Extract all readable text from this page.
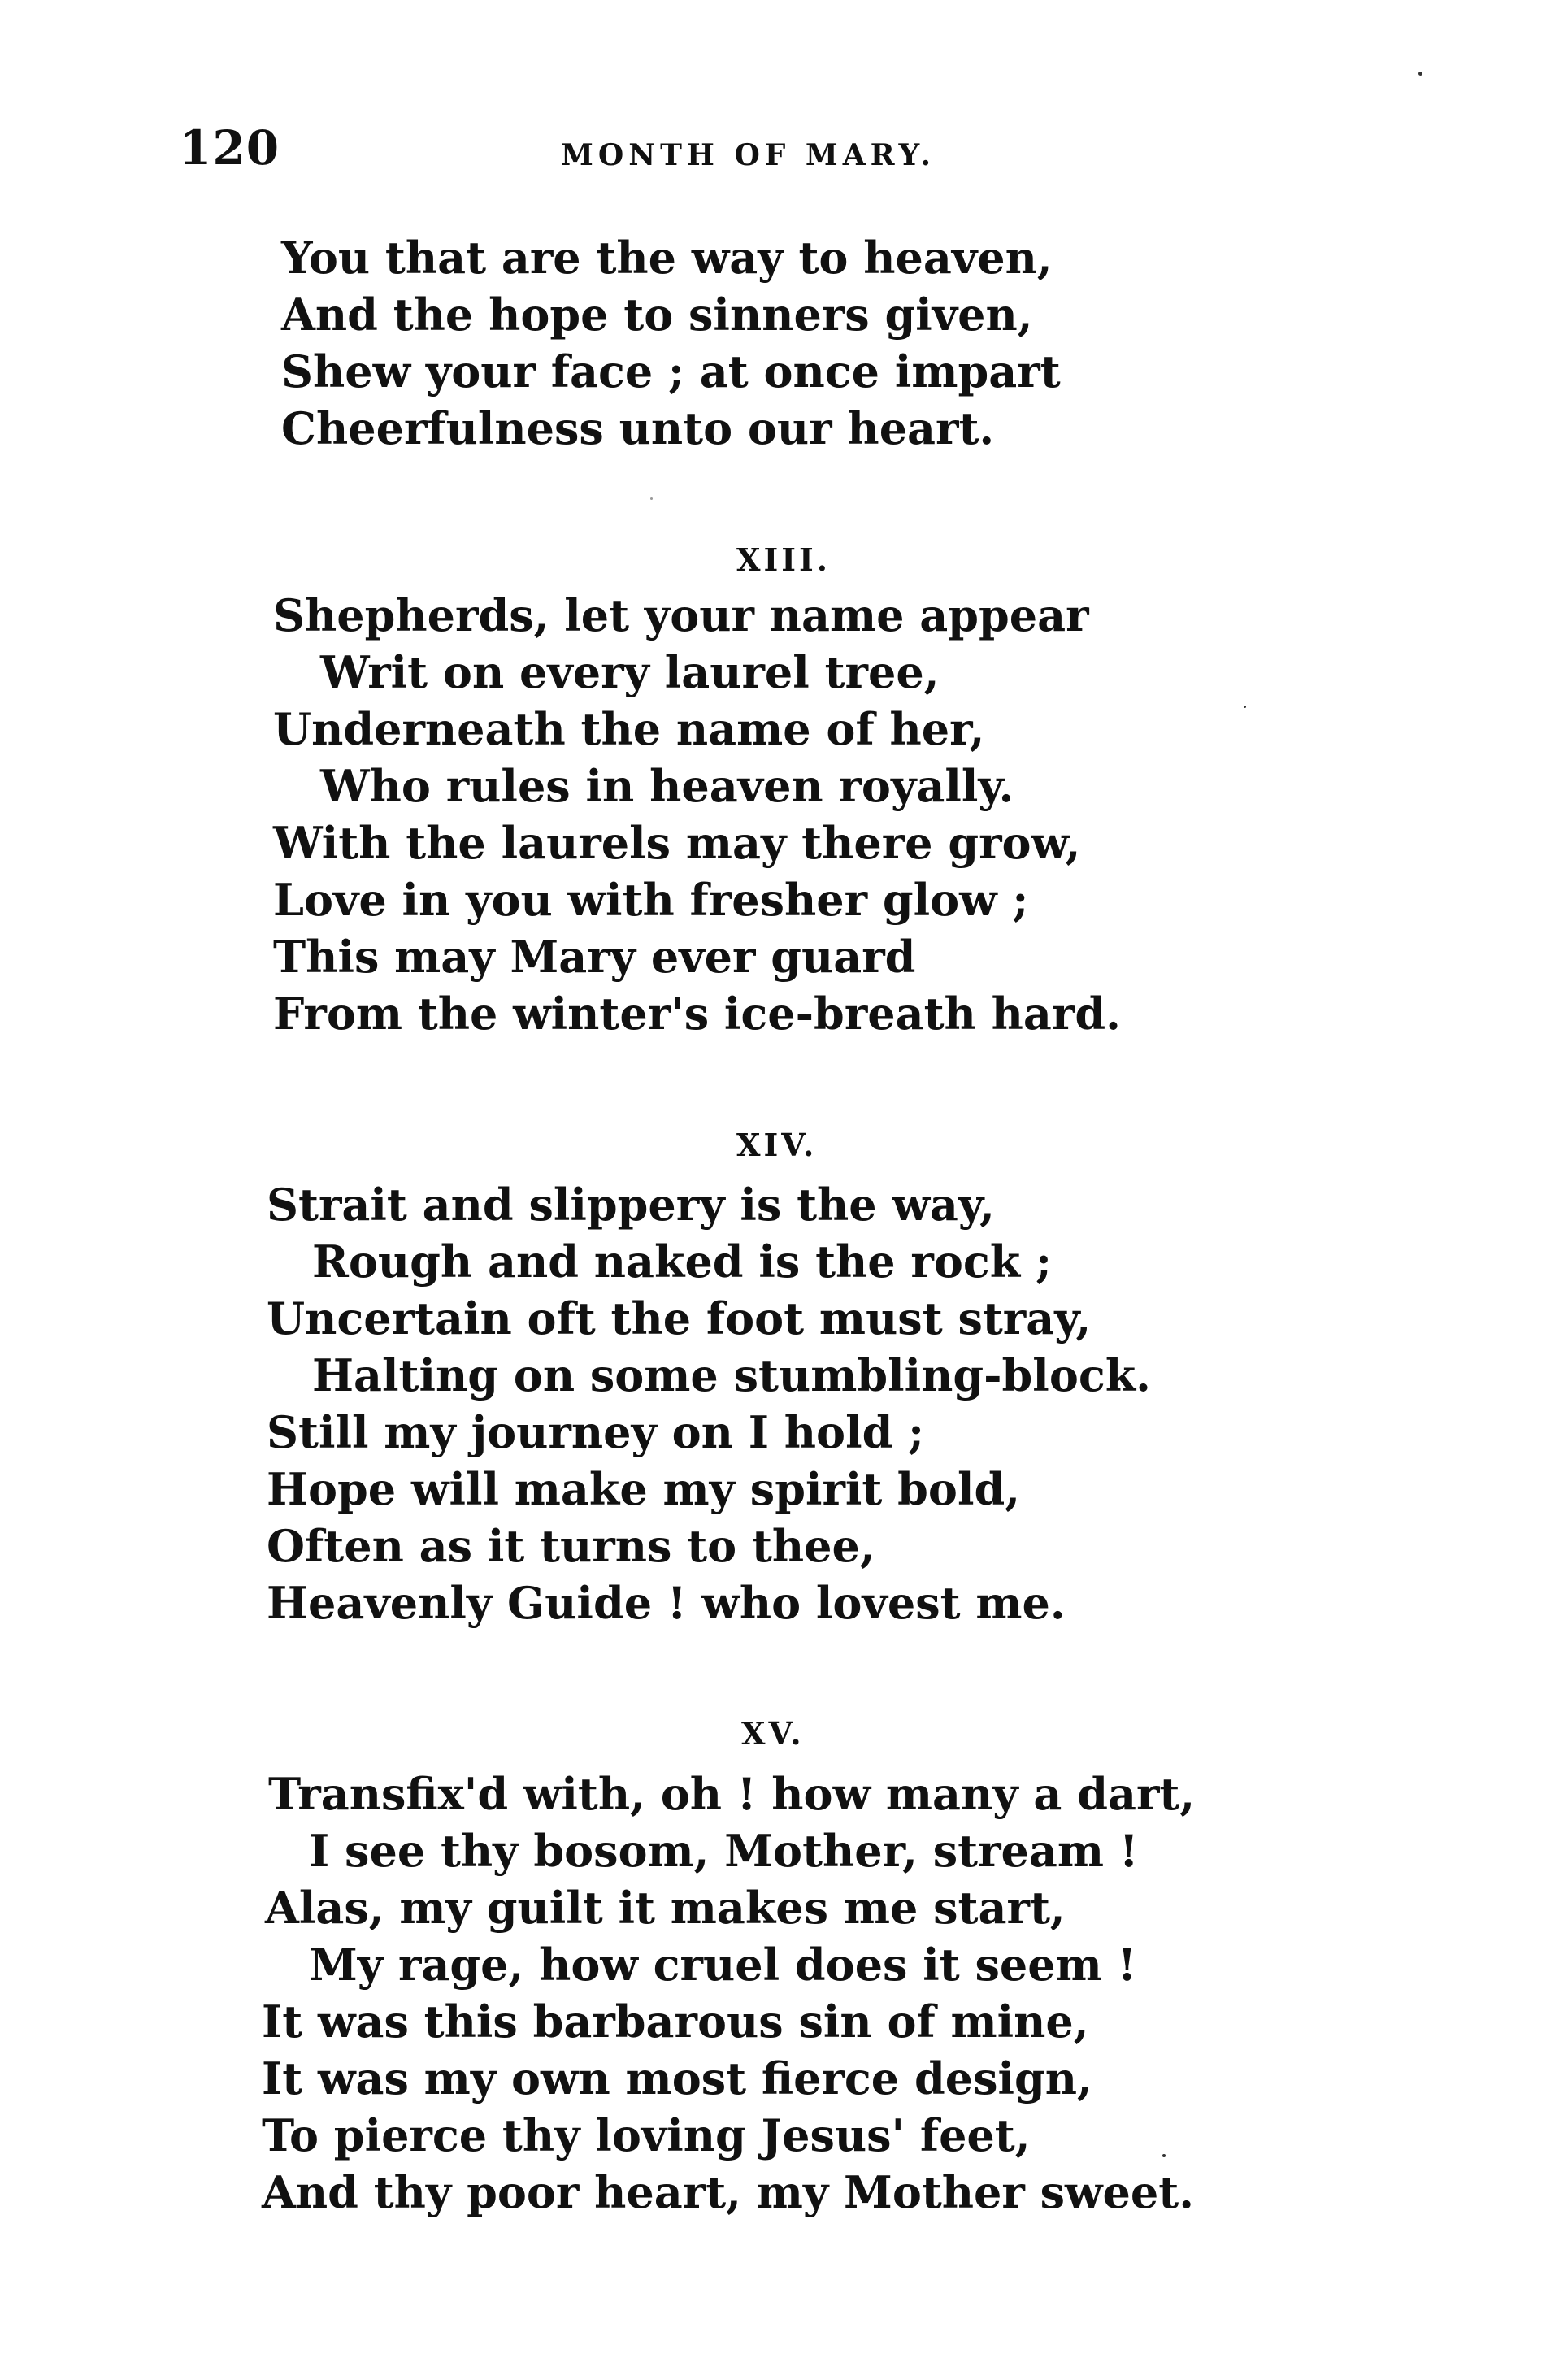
120	MONTH OF MARY.
You that are the way to heaven,
And the hope to sinners given,
Shew your face ; at once impart
Cheerfulness unto our heart.
XIII.
Shepherds, let your name appear
Writ on every laurel tree,
Underneath the name of her,
Who rules in heaven royally.
With the laurels may there grow,
Love in you with fresher glow ;
This may Mary ever guard
From the winter's ice-breath hard.
XIV.
Strait and slippery is the way,
Rough and naked is the rock ;
Uncertain oft the foot must stray,
Halting on some stumbling-block.
Still my journey on I hold ;
Hope will make my spirit bold,
Often as it turns to thee,
Heavenly Guide ! who lovest me.
XV.
Transfix'd with, oh ! how many a dart,
I see thy bosom, Mother, stream !
Alas, my guilt it makes me start,
My rage, how cruel does it seem !
It was this barbarous sin of mine,
It was my own most fierce design,
To pierce thy loving Jesus' feet,
And thy poor heart, my Mother sweet.
